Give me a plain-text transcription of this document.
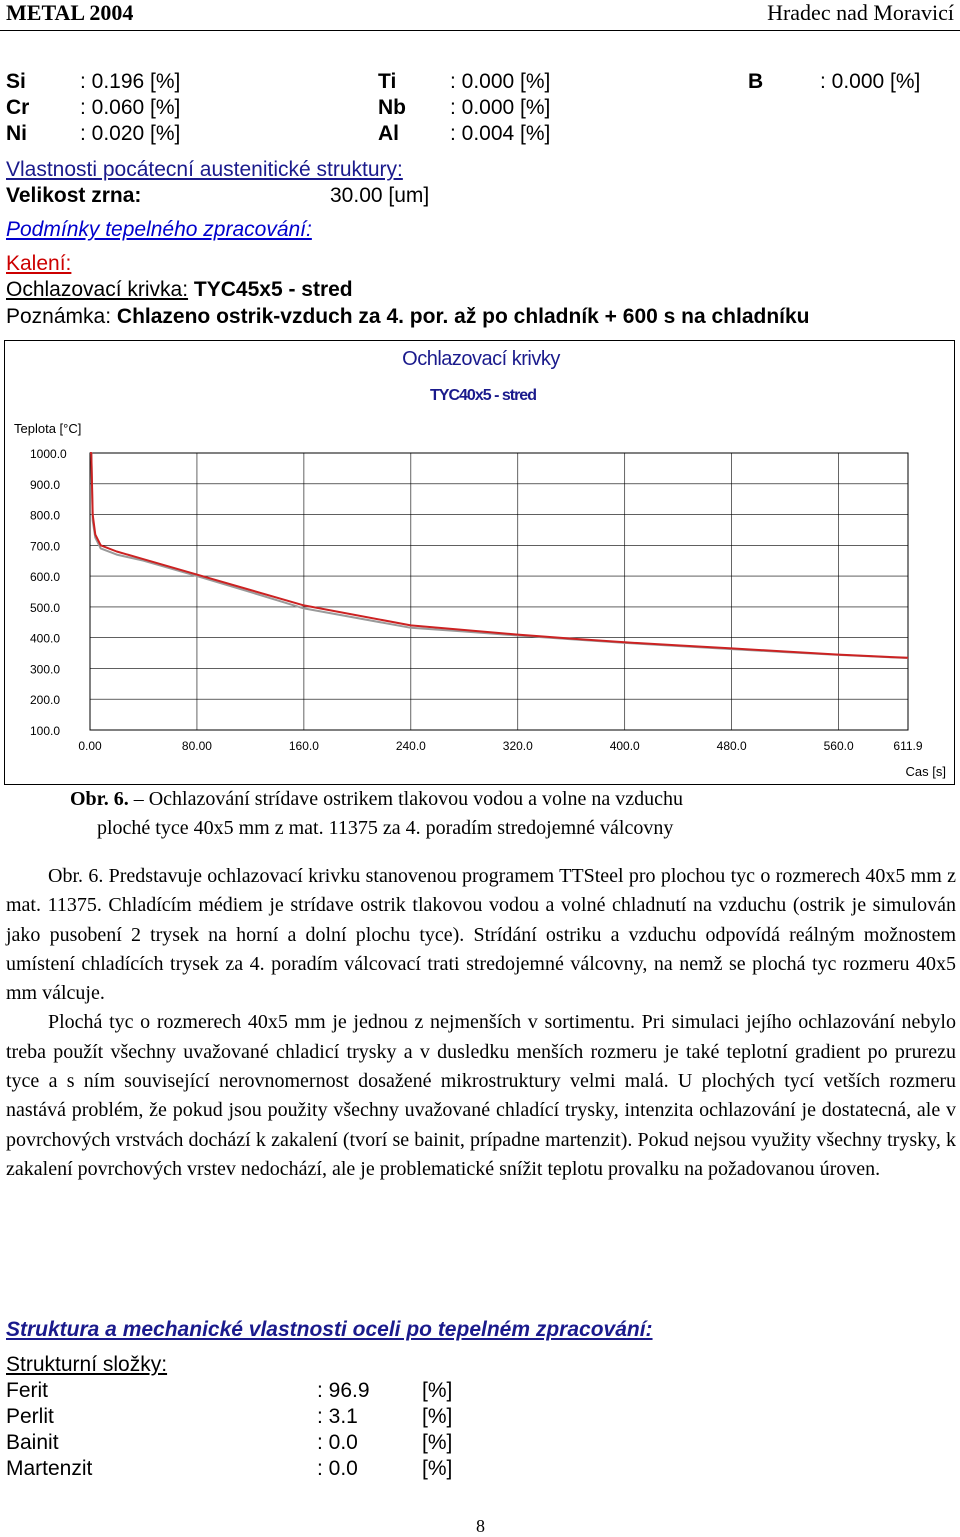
METAL 2004	Hradec nad Moravicí
Si	: 0.196 [%]	Ti	: 0.000 [%]	B	: 0.000 [%]
Cr : 0.060 [%]	Nb : 0.000 [%]
Ni	: 0.020 [%]	Al : 0.004 [%]
Vlastnosti pocátecní austenitické struktury:
Velikost zrna:	30.00 [um]
Podmínky tepelného zpracování:
Kalení:
Ochlazovací krivka: TYC45x5 - stred
Poznámka: Chlazeno ostrik-vzduch za 4. por. až po chladník + 600 s na chladníku
Ochlazovací krivky
TYC40x5 - stred
Teplota [°C]
Cas [s]
1000.0
900.0
800.0
700.0
600.0
500.0
400.0
300.0
200.0
100.0
0.00	80.00	160.0	240.0	320.0	400.0	480.0	560.0	611.9
Obr. 6. – Ochlazování strídave ostrikem tlakovou vodou a volne na vzduchu
ploché tyce 40x5 mm z mat. 11375 za 4. poradím stredojemné válcovny

Obr. 6. Predstavuje ochlazovací krivku stanovenou programem TTSteel pro plochou tyc o rozmerech 40x5 mm z mat. 11375. Chladícím médiem je strídave ostrik tlakovou vodou a volné chladnutí na vzduchu (ostrik je simulován jako pusobení 2 trysek na horní a dolní plochu tyce). Strídání ostriku a vzduchu odpovídá reálným možnostem umístení chladících trysek za 4. poradím válcovací trati stredojemné válcovny, na nemž se plochá tyc rozmeru 40x5 mm válcuje.

Plochá tyc o rozmerech 40x5 mm je jednou z nejmenších v sortimentu. Pri simulaci jejího ochlazování nebylo treba použít všechny uvažované chladicí trysky a v dusledku menších rozmeru je také teplotní gradient po prurezu tyce a s ním související nerovnomernost dosažené mikrostruktury velmi malá. U plochých tycí vetších rozmeru nastává problém, že pokud jsou použity všechny uvažované chladící trysky, intenzita ochlazování je dostatecná, ale v povrchových vrstvách dochází k zakalení (tvorí se bainit, prípadne martenzit). Pokud nejsou využity všechny trysky, k zakalení povrchových vrstev nedochází, ale je problematické snížit teplotu provalku na požadovanou úroven.

Struktura a mechanické vlastnosti oceli po tepelném zpracování:
Strukturní složky:
Ferit	: 96.9 [%]
Perlit	: 3.1	[%]
Bainit	: 0.0	[%]
Martenzit	: 0.0	[%]
8
